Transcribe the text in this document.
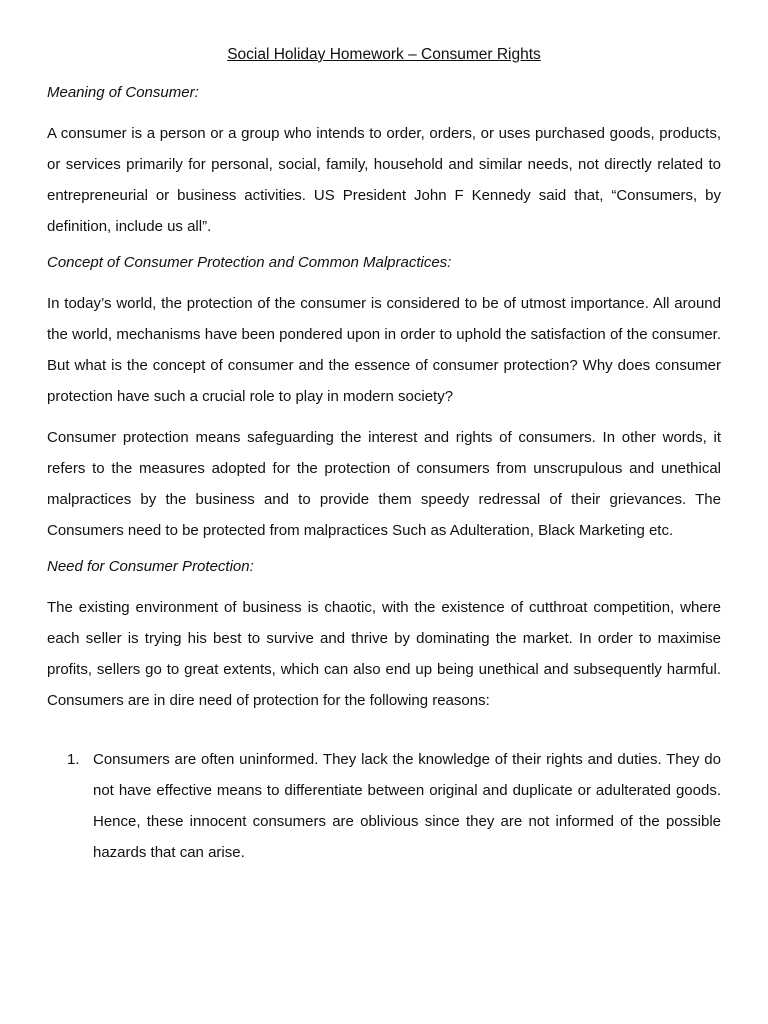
Social Holiday Homework – Consumer Rights
Meaning of Consumer:

A consumer is a person or a group who intends to order, orders, or uses purchased goods, products, or services primarily for personal, social, family, household and similar needs, not directly related to entrepreneurial or business activities. US President John F Kennedy said that, “Consumers, by definition, include us all”.

Concept of Consumer Protection and Common Malpractices:

In today’s world, the protection of the consumer is considered to be of utmost importance. All around the world, mechanisms have been pondered upon in order to uphold the satisfaction of the consumer. But what is the concept of consumer and the essence of consumer protection? Why does consumer protection have such a crucial role to play in modern society?

Consumer protection means safeguarding the interest and rights of consumers. In other words, it refers to the measures adopted for the protection of consumers from unscrupulous and unethical malpractices by the business and to provide them speedy redressal of their grievances. The Consumers need to be protected from malpractices Such as Adulteration, Black Marketing etc.

Need for Consumer Protection:

The existing environment of business is chaotic, with the existence of cutthroat competition, where each seller is trying his best to survive and thrive by dominating the market. In order to maximise profits, sellers go to great extents, which can also end up being unethical and subsequently harmful. Consumers are in dire need of protection for the following reasons:

1. Consumers are often uninformed. They lack the knowledge of their rights and duties. They do not have effective means to differentiate between original and duplicate or adulterated goods. Hence, these innocent consumers are oblivious since they are not informed of the possible hazards that can arise.
